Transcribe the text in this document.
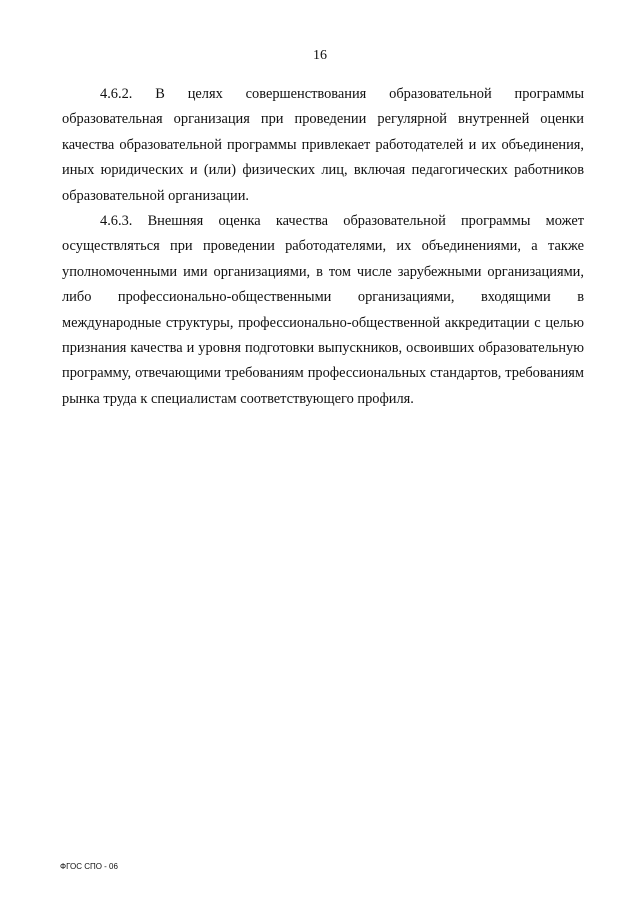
16

4.6.2. В целях совершенствования образовательной программы образовательная организация при проведении регулярной внутренней оценки качества образовательной программы привлекает работодателей и их объединения, иных юридических и (или) физических лиц, включая педагогических работников образовательной организации.

4.6.3. Внешняя оценка качества образовательной программы может осуществляться при проведении работодателями, их объединениями, а также уполномоченными ими организациями, в том числе зарубежными организациями, либо профессионально-общественными организациями, входящими в международные структуры, профессионально-общественной аккредитации с целью признания качества и уровня подготовки выпускников, освоивших образовательную программу, отвечающими требованиям профессиональных стандартов, требованиям рынка труда к специалистам соответствующего профиля.

ФГОС СПО - 06
